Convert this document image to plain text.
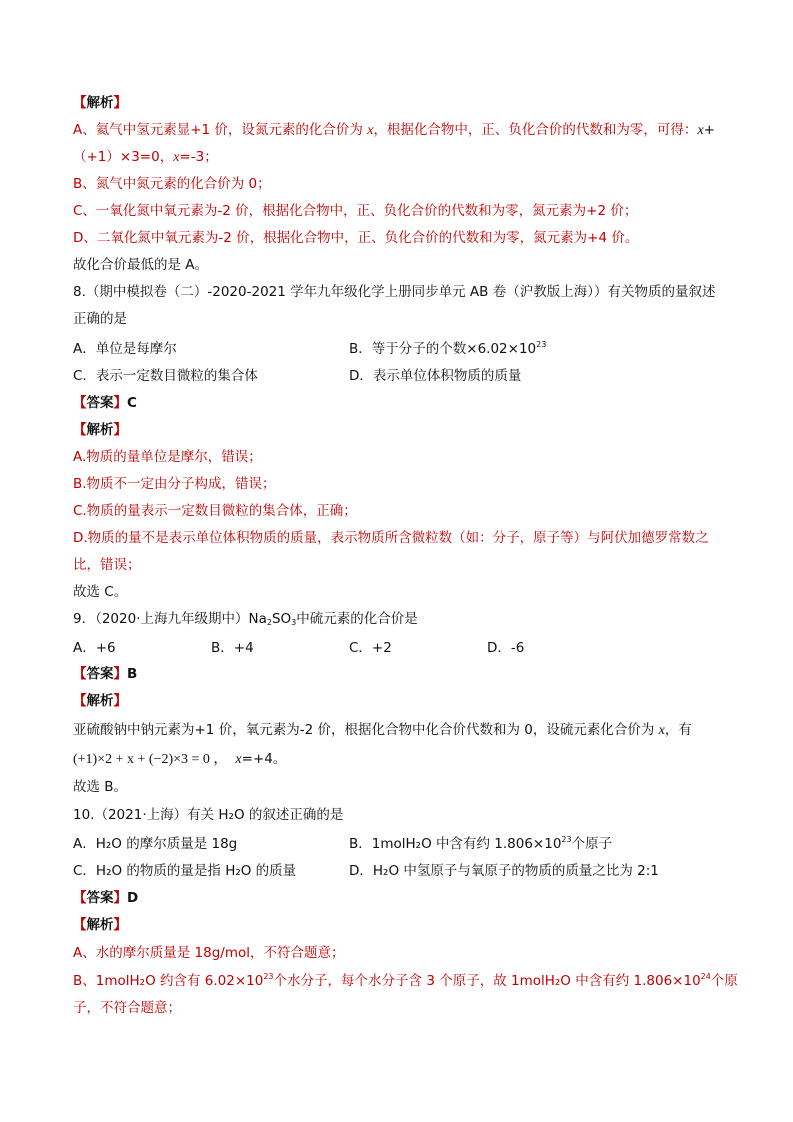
【解析】
A、氦气中氢元素显+1 价，设氮元素的化合价为 x，根据化合物中，正、负化合价的代数和为零，可得：x+
（+1）×3=0，x=-3；
B、氮气中氮元素的化合价为 0；
C、一氧化氮中氧元素为-2 价，根据化合物中，正、负化合价的代数和为零，氮元素为+2 价；
D、二氧化氮中氧元素为-2 价，根据化合物中，正、负化合价的代数和为零，氮元素为+4 价。
故化合价最低的是 A。
8.（期中模拟卷（二）-2020-2021 学年九年级化学上册同步单元 AB 卷（沪教版上海））有关物质的量叙述
正确的是
A．单位是每摩尔	B．等于分子的个数$\times 6.02\times 10^{23}$
C．表示一定数目微粒的集合体	D．表示单位体积物质的质量
【答案】C
【解析】
A.物质的量单位是摩尔，错误；
B.物质不一定由分子构成，错误；
C.物质的量表示一定数目微粒的集合体，正确；
D.物质的量不是表示单位体积物质的质量，表示物质所含微粒数（如：分子，原子等）与阿伏加德罗常数之
比，错误；
故选 C。
9．（2020·上海九年级期中）$Na_2SO_3$中硫元素的化合价是
A．+6	B．+4	C．+2	D．-6
【答案】B
【解析】
亚硫酸钠中钠元素为+1 价，氧元素为-2 价，根据化合物中化合价代数和为 0，设硫元素化合价为 x，有
(+1)×2 + x + (−2)×3 = 0 ， x=+4。
故选 B。
10.（2021·上海）有关 H₂O 的叙述正确的是
A．H₂O 的摩尔质量是 18g	B．1molH₂O 中含有约 $1.806\times 10^{23}$个原子
C．H₂O 的物质的量是指 H₂O 的质量	D．H₂O 中氢原子与氧原子的物质的质量之比为 2:1
【答案】D
【解析】
A、水的摩尔质量是 18g/mol，不符合题意；
B、1molH₂O 约含有 $6.02\times 10^{23}$个水分子，每个水分子含 3 个原子，故 1molH₂O 中含有约 $1.806\times 10^{24}$个原
子，不符合题意；
